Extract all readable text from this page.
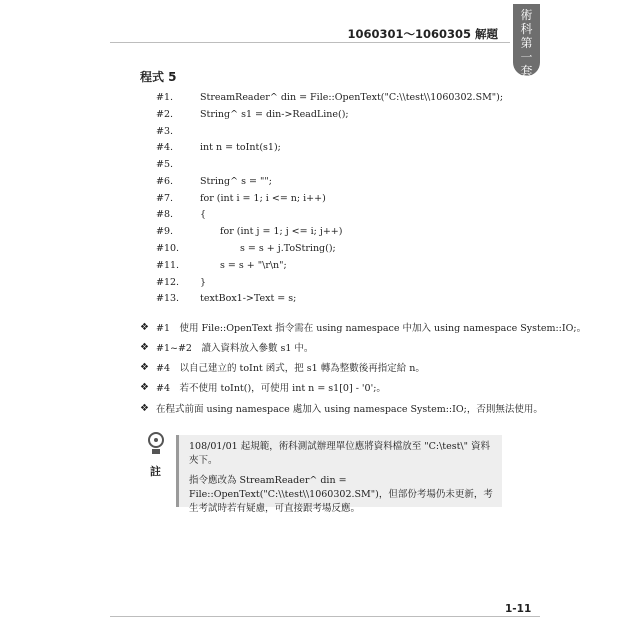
1060301～1060305 解題
術
科
第
一
套
程式 5
#1.	StreamReader^ din = File::OpenText("C:\\test\\1060302.SM");
#2.	String^ s1 = din->ReadLine();
#3.
#4.	int n = toInt(s1);
#5.
#6.	String^ s = "";
#7.	for (int i = 1; i <= n; i++)
#8.	{
#9.	for (int j = 1; j <= i; j++)
#10.	s = s + j.ToString();
#11.	s = s + "\r\n";
#12. }
#13. textBox1->Text = s;
❖ #1　使用 File::OpenText 指令需在 using namespace 中加入 using namespace System::IO;。
❖ #1~#2　讀入資料放入參數 s1 中。
❖ #4　以自己建立的 toInt 函式，把 s1 轉為整數後再指定給 n。
❖ #4　若不使用 toInt()，可使用 int n = s1[0] - '0';。
❖ 在程式前面 using namespace 處加入 using namespace System::IO;，否則無法使用。
註

108/01/01 起規範，術科測試辦理單位應將資料檔放至 "C:\test\" 資料夾下。

指令應改為 StreamReader^ din = File::OpenText("C:\\test\\1060302.SM")，但部份考場仍未更新，考生考試時若有疑慮，可直接跟考場反應。

1-11
